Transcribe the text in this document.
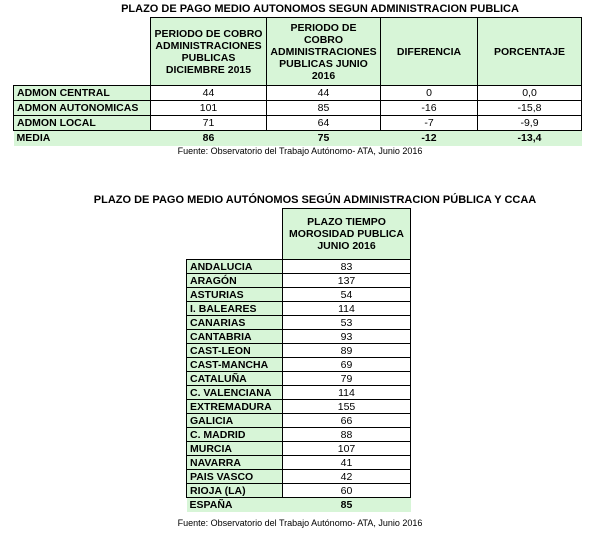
PLAZO DE PAGO MEDIO AUTONOMOS SEGUN ADMINISTRACION PUBLICA
	PERIODO DE COBRO ADMINISTRACIONES PUBLICAS DICIEMBRE 2015	PERIODO DE COBRO ADMINISTRACIONES PUBLICAS JUNIO 2016	DIFERENCIA	PORCENTAJE
ADMON CENTRAL	44	44	0	0,0
ADMON AUTONOMICAS	101	85	-16	-15,8
ADMON LOCAL	71	64	-7	-9,9
MEDIA	86	75	-12	-13,4
Fuente: Observatorio del Trabajo Autónomo- ATA, Junio 2016
PLAZO DE PAGO MEDIO AUTÓNOMOS SEGÚN ADMINISTRACION PÚBLICA Y CCAA
	PLAZO TIEMPO MOROSIDAD PUBLICA JUNIO 2016
ANDALUCIA	83
ARAGÓN	137
ASTURIAS	54
I. BALEARES	114
CANARIAS	53
CANTABRIA	93
CAST-LEON	89
CAST-MANCHA	69
CATALUÑA	79
C. VALENCIANA	114
EXTREMADURA	155
GALICIA	66
C. MADRID	88
MURCIA	107
NAVARRA	41
PAIS VASCO	42
RIOJA (LA)	60
ESPAÑA	85
Fuente: Observatorio del Trabajo Autónomo- ATA, Junio 2016
